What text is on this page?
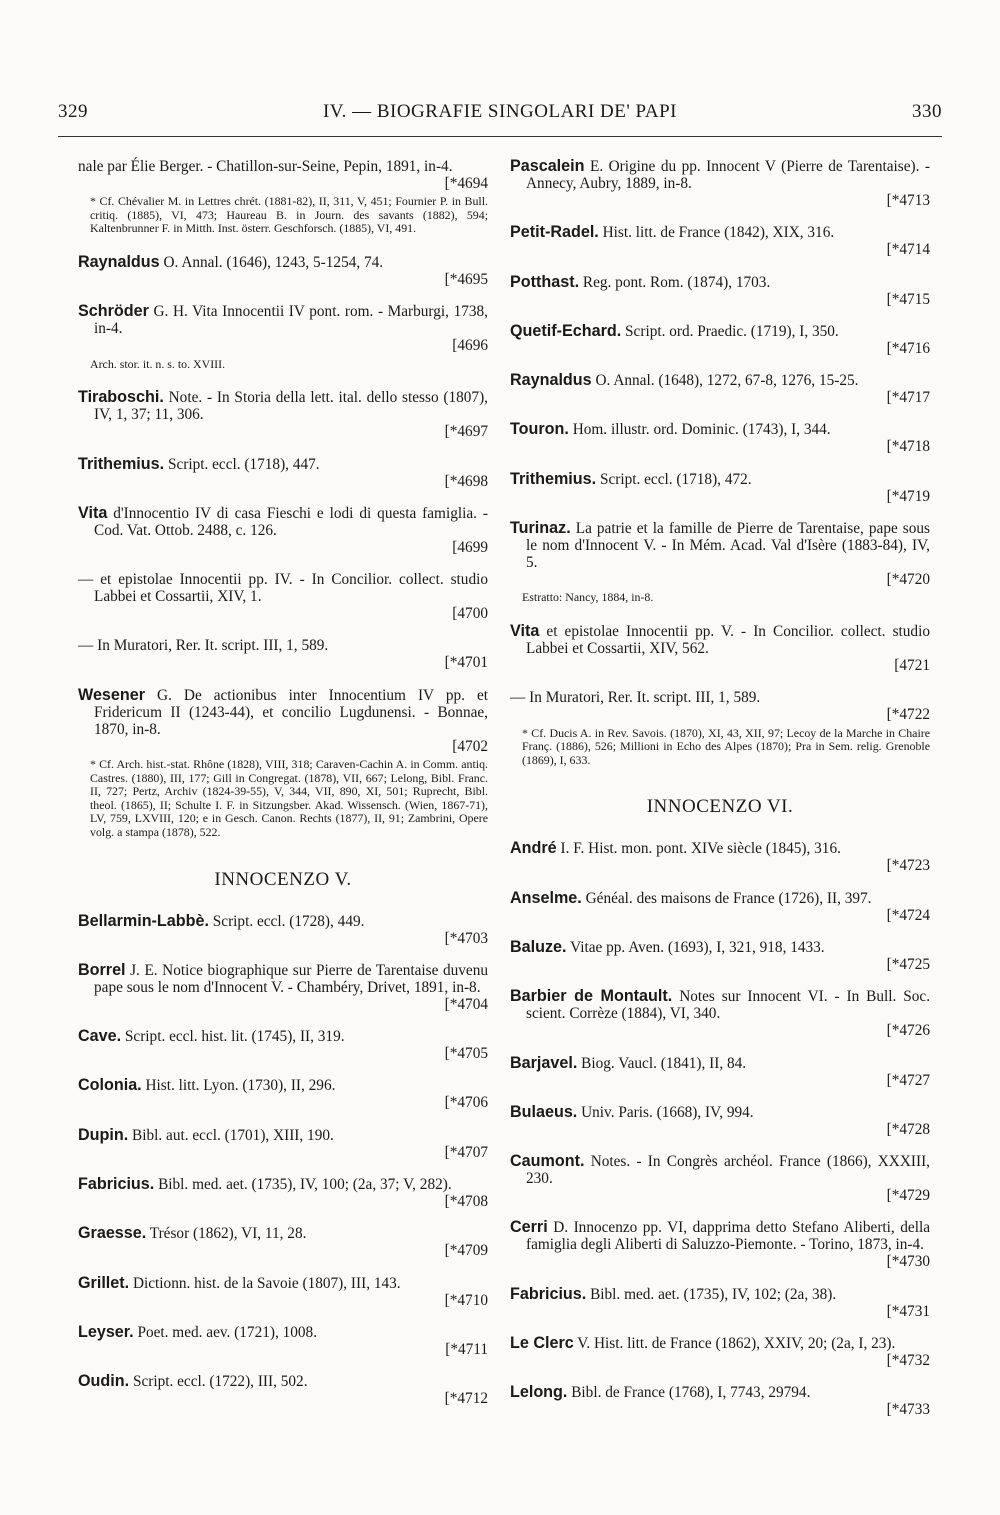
329	IV. — BIOGRAFIE SINGOLARI DE' PAPI	330
nale par Élie Berger. - Chatillon-sur-Seine, Pepin, 1891, in-4.
[*4694
* Cf. Chévalier M. in Lettres chrét. (1881-82), II, 311, V, 451; Fournier P. in Bull. critiq. (1885), VI, 473; Haureau B. in Journ. des savants (1882), 594; Kaltenbrunner F. in Mitth. Inst. österr. Geschforsch. (1885), VI, 491.
Raynaldus O. Annal. (1646), 1243, 5-1254, 74.
[*4695
Schröder G. H. Vita Innocentii IV pont. rom. - Marburgi, 1738, in-4.
[4696
Arch. stor. it. n. s. to. XVIII.
Tiraboschi. Note. - In Storia della lett. ital. dello stesso (1807), IV, 1, 37; 11, 306.
[*4697
Trithemius. Script. eccl. (1718), 447.
[*4698
Vita d'Innocentio IV di casa Fieschi e lodi di questa famiglia. - Cod. Vat. Ottob. 2488, c. 126.
[4699
— et epistolae Innocentii pp. IV. - In Concilior. collect. studio Labbei et Cossartii, XIV, 1.
[4700
— In Muratori, Rer. It. script. III, 1, 589.
[*4701
Wesener G. De actionibus inter Innocentium IV pp. et Fridericum II (1243-44), et concilio Lugdunensi. - Bonnae, 1870, in-8.
[4702
* Cf. Arch. hist.-stat. Rhône (1828), VIII, 318; Caraven-Cachin A. in Comm. antiq. Castres. (1880), III, 177; Gill in Congregat. (1878), VII, 667; Lelong, Bibl. Franc. II, 727; Pertz, Archiv (1824-39-55), V, 344, VII, 890, XI, 501; Ruprecht, Bibl. theol. (1865), II; Schulte I. F. in Sitzungsber. Akad. Wissensch. (Wien, 1867-71), LV, 759, LXVIII, 120; e in Gesch. Canon. Rechts (1877), II, 91; Zambrini, Opere volg. a stampa (1878), 522.
INNOCENZO V.
Bellarmin-Labbè. Script. eccl. (1728), 449.
[*4703
Borrel J. E. Notice biographique sur Pierre de Tarentaise duvenu pape sous le nom d'Innocent V. - Chambéry, Drivet, 1891, in-8.
[*4704
Cave. Script. eccl. hist. lit. (1745), II, 319.
[*4705
Colonia. Hist. litt. Lyon. (1730), II, 296.
[*4706
Dupin. Bibl. aut. eccl. (1701), XIII, 190.
[*4707
Fabricius. Bibl. med. aet. (1735), IV, 100; (2a, 37; V, 282).
[*4708
Graesse. Trésor (1862), VI, 11, 28.
[*4709
Grillet. Dictionn. hist. de la Savoie (1807), III, 143.
[*4710
Leyser. Poet. med. aev. (1721), 1008.
[*4711
Oudin. Script. eccl. (1722), III, 502.
[*4712
Pascalein E. Origine du pp. Innocent V (Pierre de Tarentaise). - Annecy, Aubry, 1889, in-8.
[*4713
Petit-Radel. Hist. litt. de France (1842), XIX, 316.
[*4714
Potthast. Reg. pont. Rom. (1874), 1703.
[*4715
Quetif-Echard. Script. ord. Praedic. (1719), I, 350.
[*4716
Raynaldus O. Annal. (1648), 1272, 67-8, 1276, 15-25.
[*4717
Touron. Hom. illustr. ord. Dominic. (1743), I, 344.
[*4718
Trithemius. Script. eccl. (1718), 472.
[*4719
Turinaz. La patrie et la famille de Pierre de Tarentaise, pape sous le nom d'Innocent V. - In Mém. Acad. Val d'Isère (1883-84), IV, 5.
[*4720
Estratto: Nancy, 1884, in-8.
Vita et epistolae Innocentii pp. V. - In Concilior. collect. studio Labbei et Cossartii, XIV, 562.
[4721
— In Muratori, Rer. It. script. III, 1, 589.
[*4722
* Cf. Ducis A. in Rev. Savois. (1870), XI, 43, XII, 97; Lecoy de la Marche in Chaire Franç. (1886), 526; Millioni in Echo des Alpes (1870); Pra in Sem. relig. Grenoble (1869), I, 633.
INNOCENZO VI.
André I. F. Hist. mon. pont. XIVe siècle (1845), 316.
[*4723
Anselme. Généal. des maisons de France (1726), II, 397.
[*4724
Baluze. Vitae pp. Aven. (1693), I, 321, 918, 1433.
[*4725
Barbier de Montault. Notes sur Innocent VI. - In Bull. Soc. scient. Corrèze (1884), VI, 340.
[*4726
Barjavel. Biog. Vaucl. (1841), II, 84.
[*4727
Bulaeus. Univ. Paris. (1668), IV, 994.
[*4728
Caumont. Notes. - In Congrès archéol. France (1866), XXXIII, 230.
[*4729
Cerri D. Innocenzo pp. VI, dapprima detto Stefano Aliberti, della famiglia degli Aliberti di Saluzzo-Piemonte. - Torino, 1873, in-4.
[*4730
Fabricius. Bibl. med. aet. (1735), IV, 102; (2a, 38).
[*4731
Le Clerc V. Hist. litt. de France (1862), XXIV, 20; (2a, I, 23).
[*4732
Lelong. Bibl. de France (1768), I, 7743, 29794.
[*4733
